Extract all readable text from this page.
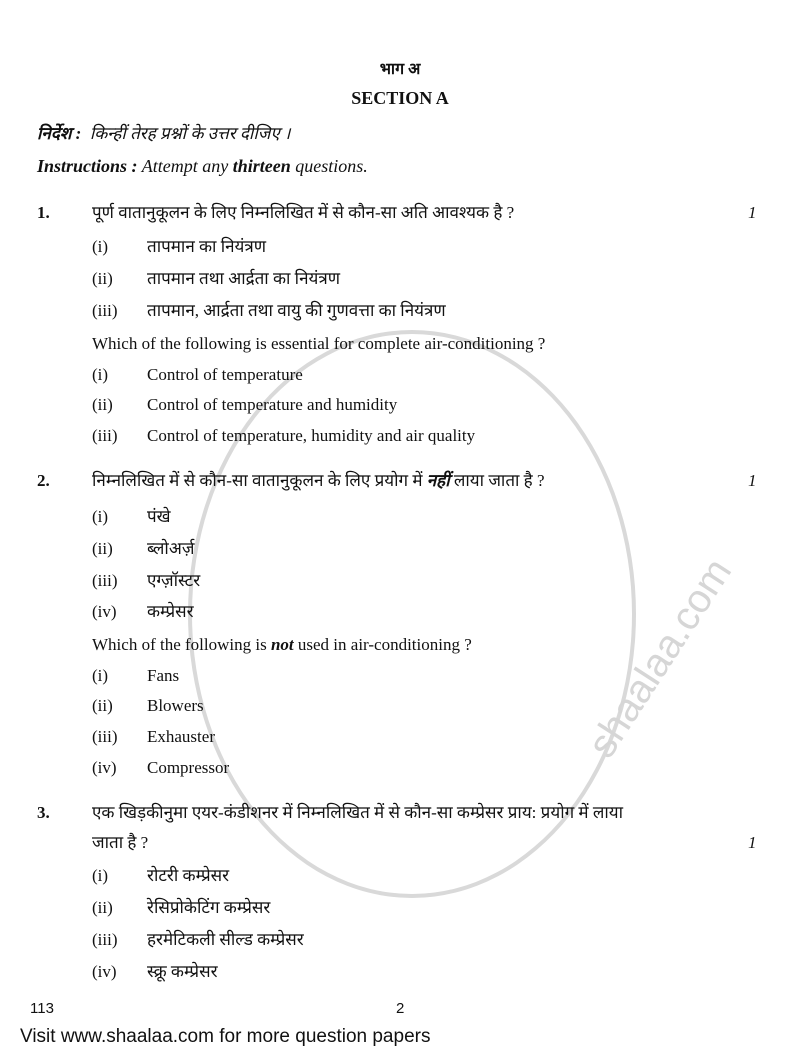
shaalaa.com
भाग अ
SECTION A
निर्देश : किन्हीं तेरह प्रश्नों के उत्तर दीजिए ।
Instructions : Attempt any thirteen questions.
1. पूर्ण वातानुकूलन के लिए निम्नलिखित में से कौन-सा अति आवश्यक है ?	1
(i) तापमान का नियंत्रण
(ii) तापमान तथा आर्द्रता का नियंत्रण
(iii) तापमान, आर्द्रता तथा वायु की गुणवत्ता का नियंत्रण
Which of the following is essential for complete air-conditioning ?
(i) Control of temperature
(ii) Control of temperature and humidity
(iii) Control of temperature, humidity and air quality
2. निम्नलिखित में से कौन-सा वातानुकूलन के लिए प्रयोग में नहीं लाया जाता है ?	1
(i) पंखे
(ii) ब्लोअर्ज़
(iii) एग्ज़ॉस्टर
(iv) कम्प्रेसर
Which of the following is not used in air-conditioning ?
(i) Fans
(ii) Blowers
(iii) Exhauster
(iv) Compressor
3. एक खिड़कीनुमा एयर-कंडीशनर में निम्नलिखित में से कौन-सा कम्प्रेसर प्राय: प्रयोग में लाया
जाता है ?	1
(i) रोटरी कम्प्रेसर
(ii) रेसिप्रोकेटिंग कम्प्रेसर
(iii) हरमेटिकली सील्ड कम्प्रेसर
(iv) स्क्रू कम्प्रेसर
113	2
Visit www.shaalaa.com for more question papers
